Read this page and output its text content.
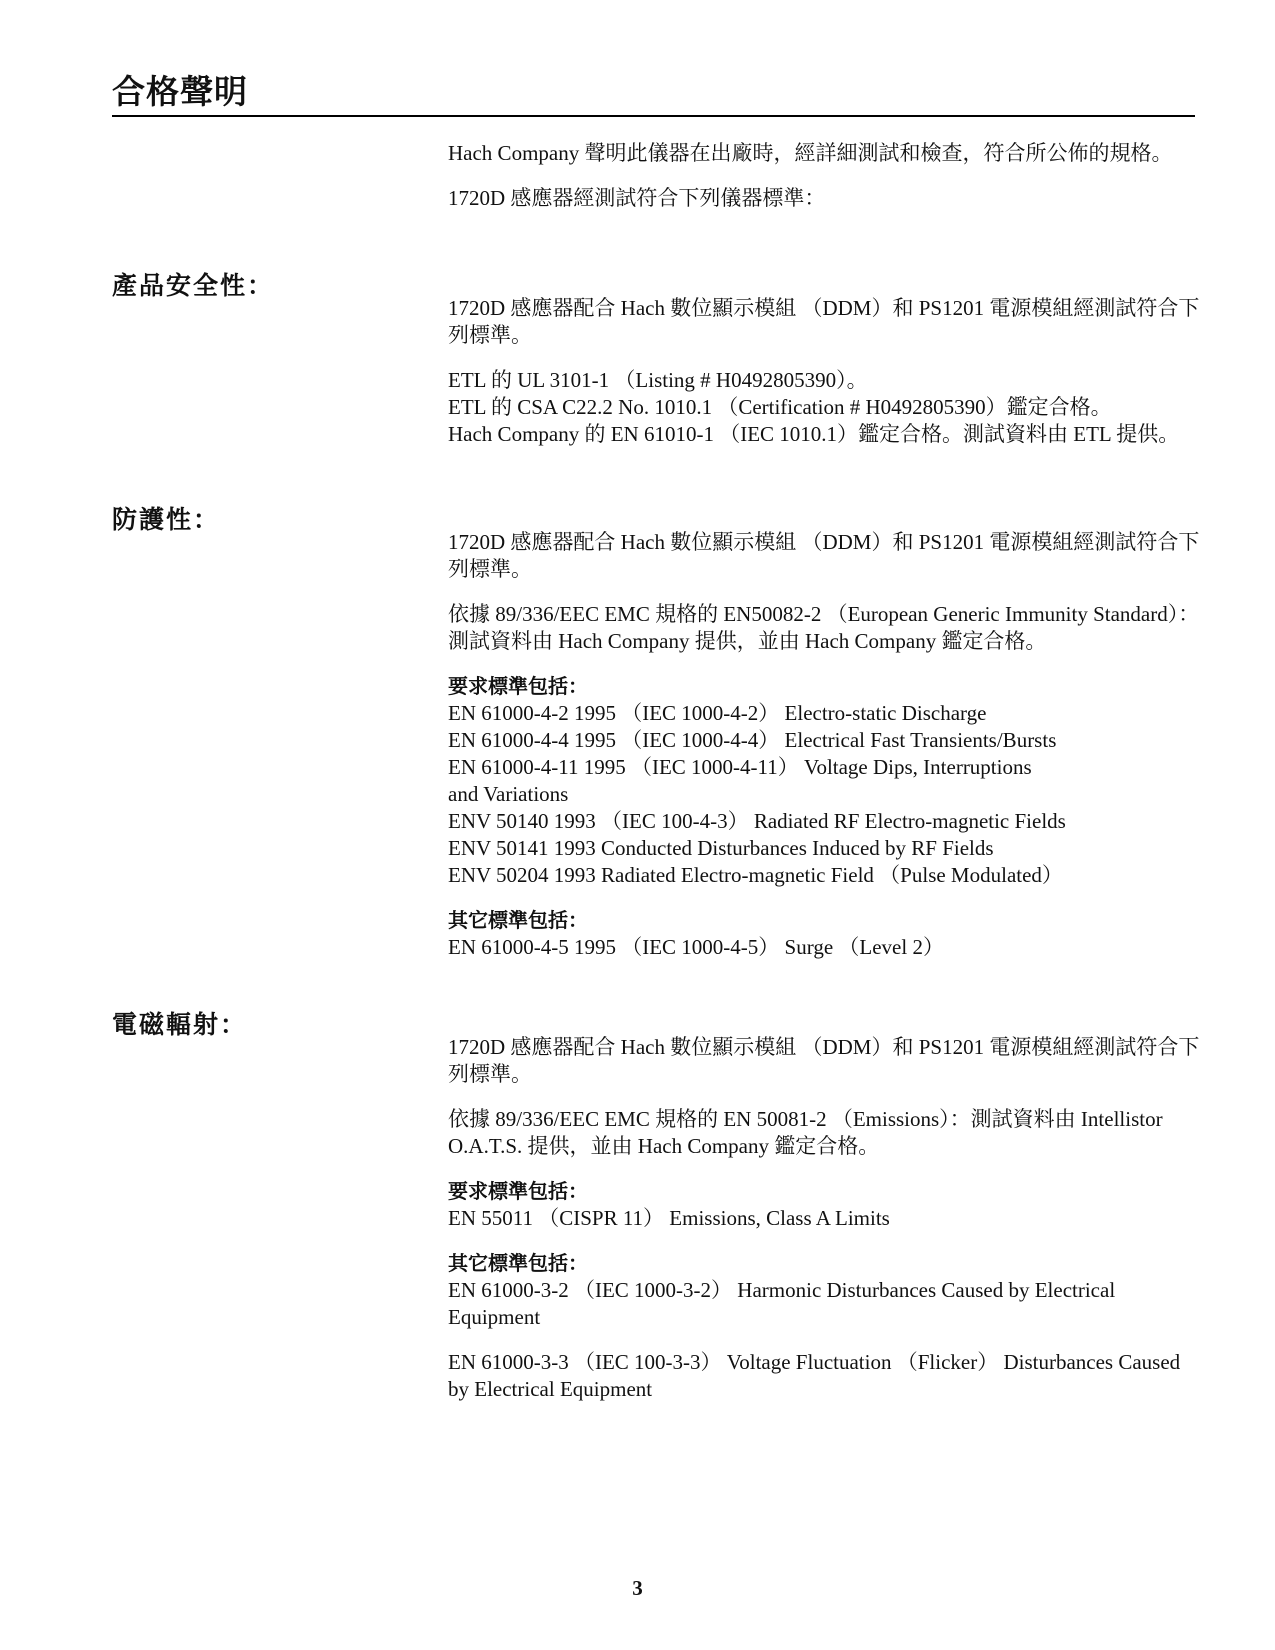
合格聲明

Hach Company 聲明此儀器在出廠時，經詳細測試和檢查，符合所公佈的規格。

1720D 感應器經測試符合下列儀器標準：

產品安全性：

1720D 感應器配合 Hach 數位顯示模組 （DDM）和 PS1201 電源模組經測試符合下列標準。

ETL 的 UL 3101-1 （Listing # H0492805390）。

ETL 的 CSA C22.2 No. 1010.1 （Certification # H0492805390）鑑定合格。

Hach Company 的 EN 61010-1 （IEC 1010.1）鑑定合格。測試資料由 ETL 提供。

防護性：

1720D 感應器配合 Hach 數位顯示模組 （DDM）和 PS1201 電源模組經測試符合下列標準。

依據 89/336/EEC EMC 規格的 EN50082-2 （European Generic Immunity Standard）：測試資料由 Hach Company 提供，並由 Hach Company 鑑定合格。

要求標準包括：

EN 61000-4-2 1995 （IEC 1000-4-2） Electro-static Discharge

EN 61000-4-4 1995 （IEC 1000-4-4） Electrical Fast Transients/Bursts

EN 61000-4-11 1995 （IEC 1000-4-11） Voltage Dips, Interruptions

and Variations

ENV 50140 1993 （IEC 100-4-3） Radiated RF Electro-magnetic Fields

ENV 50141 1993 Conducted Disturbances Induced by RF Fields

ENV 50204 1993 Radiated Electro-magnetic Field （Pulse Modulated）

其它標準包括：

EN 61000-4-5 1995 （IEC 1000-4-5） Surge （Level 2）

電磁輻射：

1720D 感應器配合 Hach 數位顯示模組 （DDM）和 PS1201 電源模組經測試符合下列標準。

依據 89/336/EEC EMC 規格的 EN 50081-2 （Emissions）：測試資料由 Intellistor O.A.T.S. 提供，並由 Hach Company 鑑定合格。

要求標準包括：

EN 55011 （CISPR 11） Emissions, Class A Limits

其它標準包括：

EN 61000-3-2 （IEC 1000-3-2） Harmonic Disturbances Caused by Electrical Equipment

EN 61000-3-3 （IEC 100-3-3） Voltage Fluctuation （Flicker） Disturbances Caused by Electrical Equipment

3
